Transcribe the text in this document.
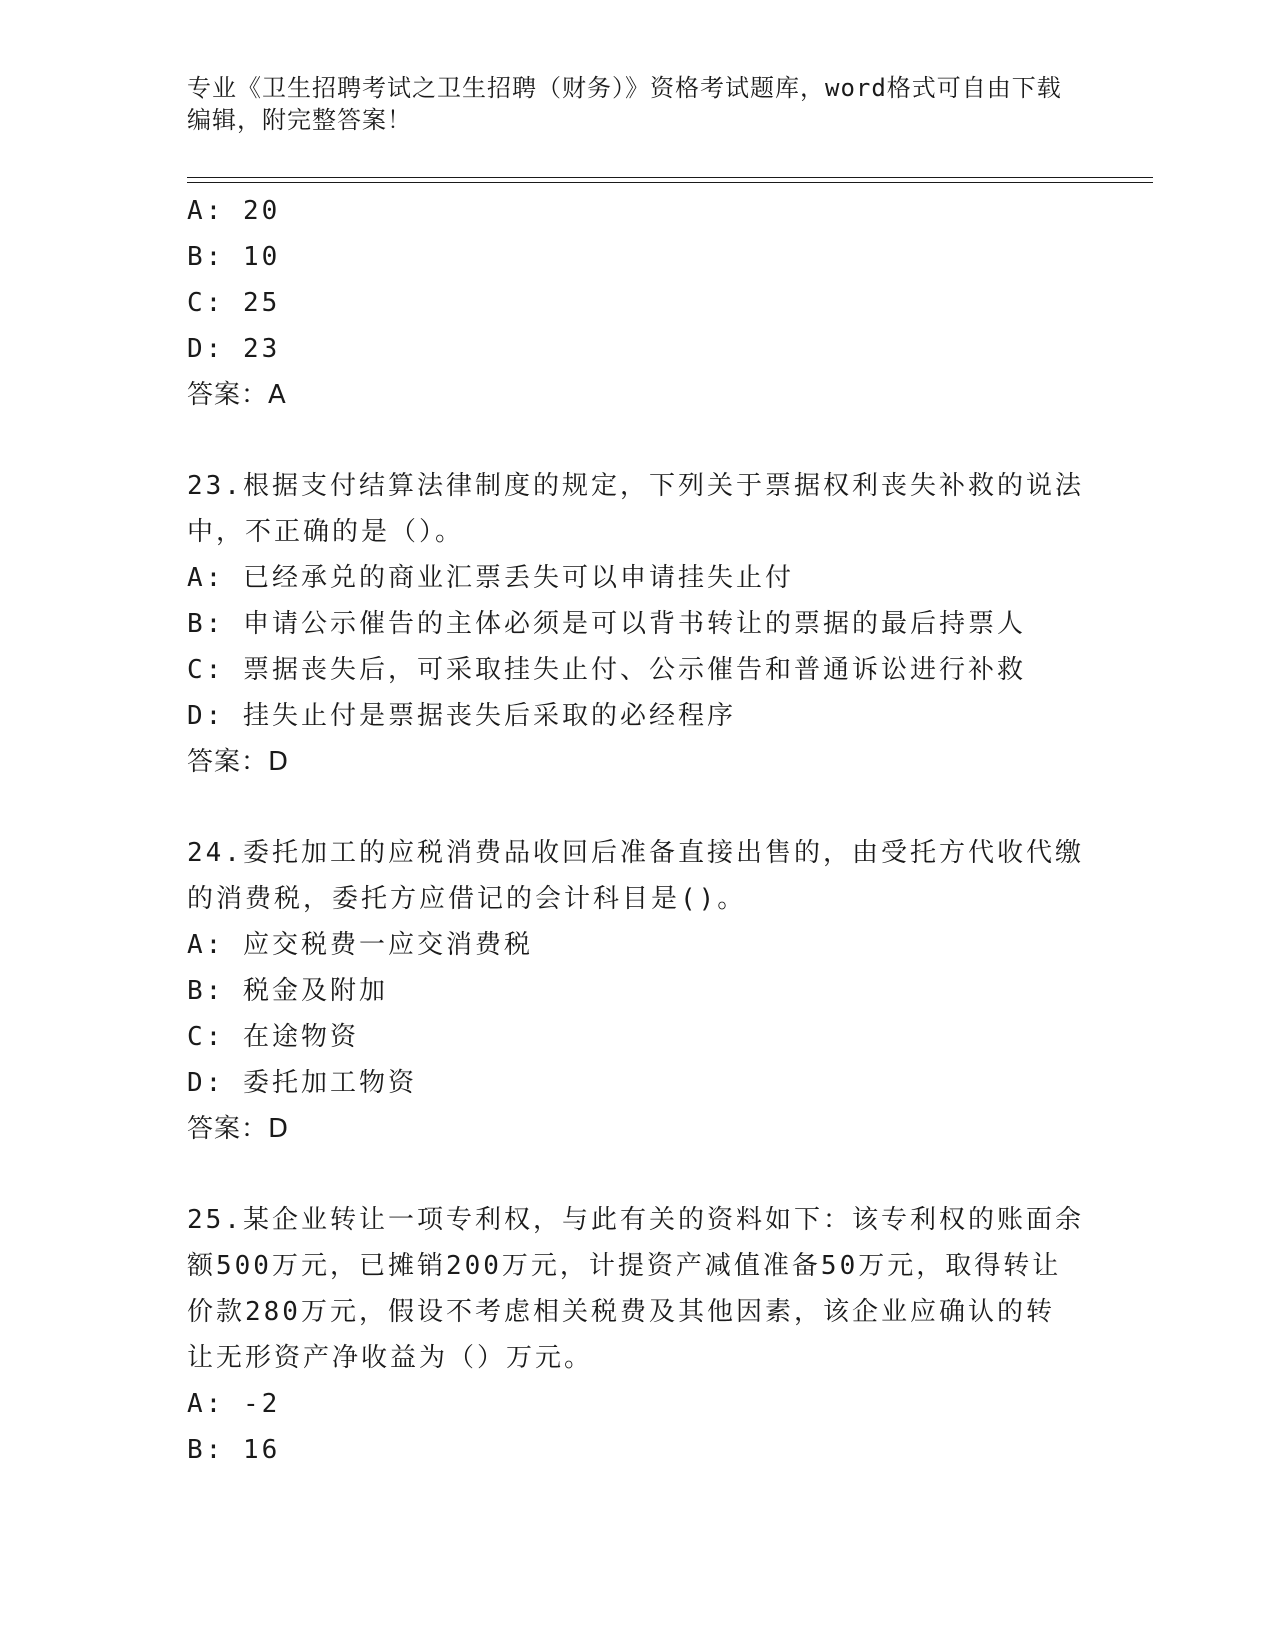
专业《卫生招聘考试之卫生招聘（财务）》资格考试题库，word格式可自由下载
编辑，附完整答案！
A: 20
B: 10
C: 25
D: 23
答案：A
23.根据支付结算法律制度的规定，下列关于票据权利丧失补救的说法
中，不正确的是（）。
A: 已经承兑的商业汇票丢失可以申请挂失止付
B: 申请公示催告的主体必须是可以背书转让的票据的最后持票人
C: 票据丧失后，可采取挂失止付、公示催告和普通诉讼进行补救
D: 挂失止付是票据丧失后采取的必经程序
答案：D
24.委托加工的应税消费品收回后准备直接出售的，由受托方代收代缴
的消费税，委托方应借记的会计科目是()。
A: 应交税费一应交消费税
B: 税金及附加
C: 在途物资
D: 委托加工物资
答案：D
25.某企业转让一项专利权，与此有关的资料如下：该专利权的账面余
额500万元，已摊销200万元，计提资产减值准备50万元，取得转让
价款280万元，假设不考虑相关税费及其他因素，该企业应确认的转
让无形资产净收益为（）万元。
A: -2
B: 16
